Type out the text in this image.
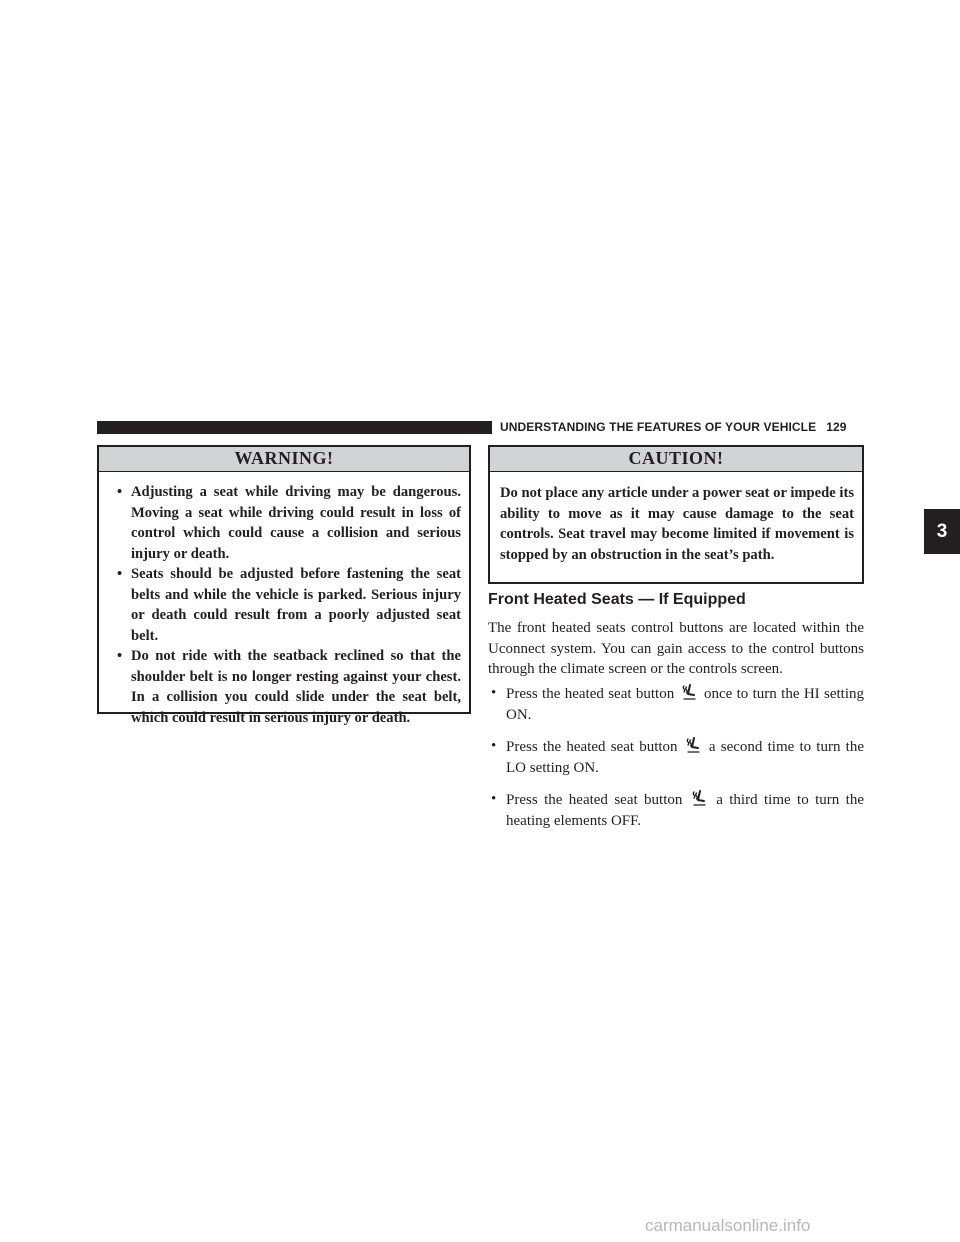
UNDERSTANDING THE FEATURES OF YOUR VEHICLE 129
3
WARNING!
• Adjusting a seat while driving may be dangerous. Moving a seat while driving could result in loss of control which could cause a collision and serious injury or death.
• Seats should be adjusted before fastening the seat belts and while the vehicle is parked. Serious injury or death could result from a poorly adjusted seat belt.
• Do not ride with the seatback reclined so that the shoulder belt is no longer resting against your chest. In a collision you could slide under the seat belt, which could result in serious injury or death.
CAUTION!
Do not place any article under a power seat or impede its ability to move as it may cause damage to the seat controls. Seat travel may become limited if movement is stopped by an obstruction in the seat’s path.
Front Heated Seats — If Equipped
The front heated seats control buttons are located within the Uconnect system. You can gain access to the control buttons through the climate screen or the controls screen.
• Press the heated seat button once to turn the HI setting ON.
• Press the heated seat button a second time to turn the LO setting ON.
• Press the heated seat button a third time to turn the heating elements OFF.
carmanualsonline.info
